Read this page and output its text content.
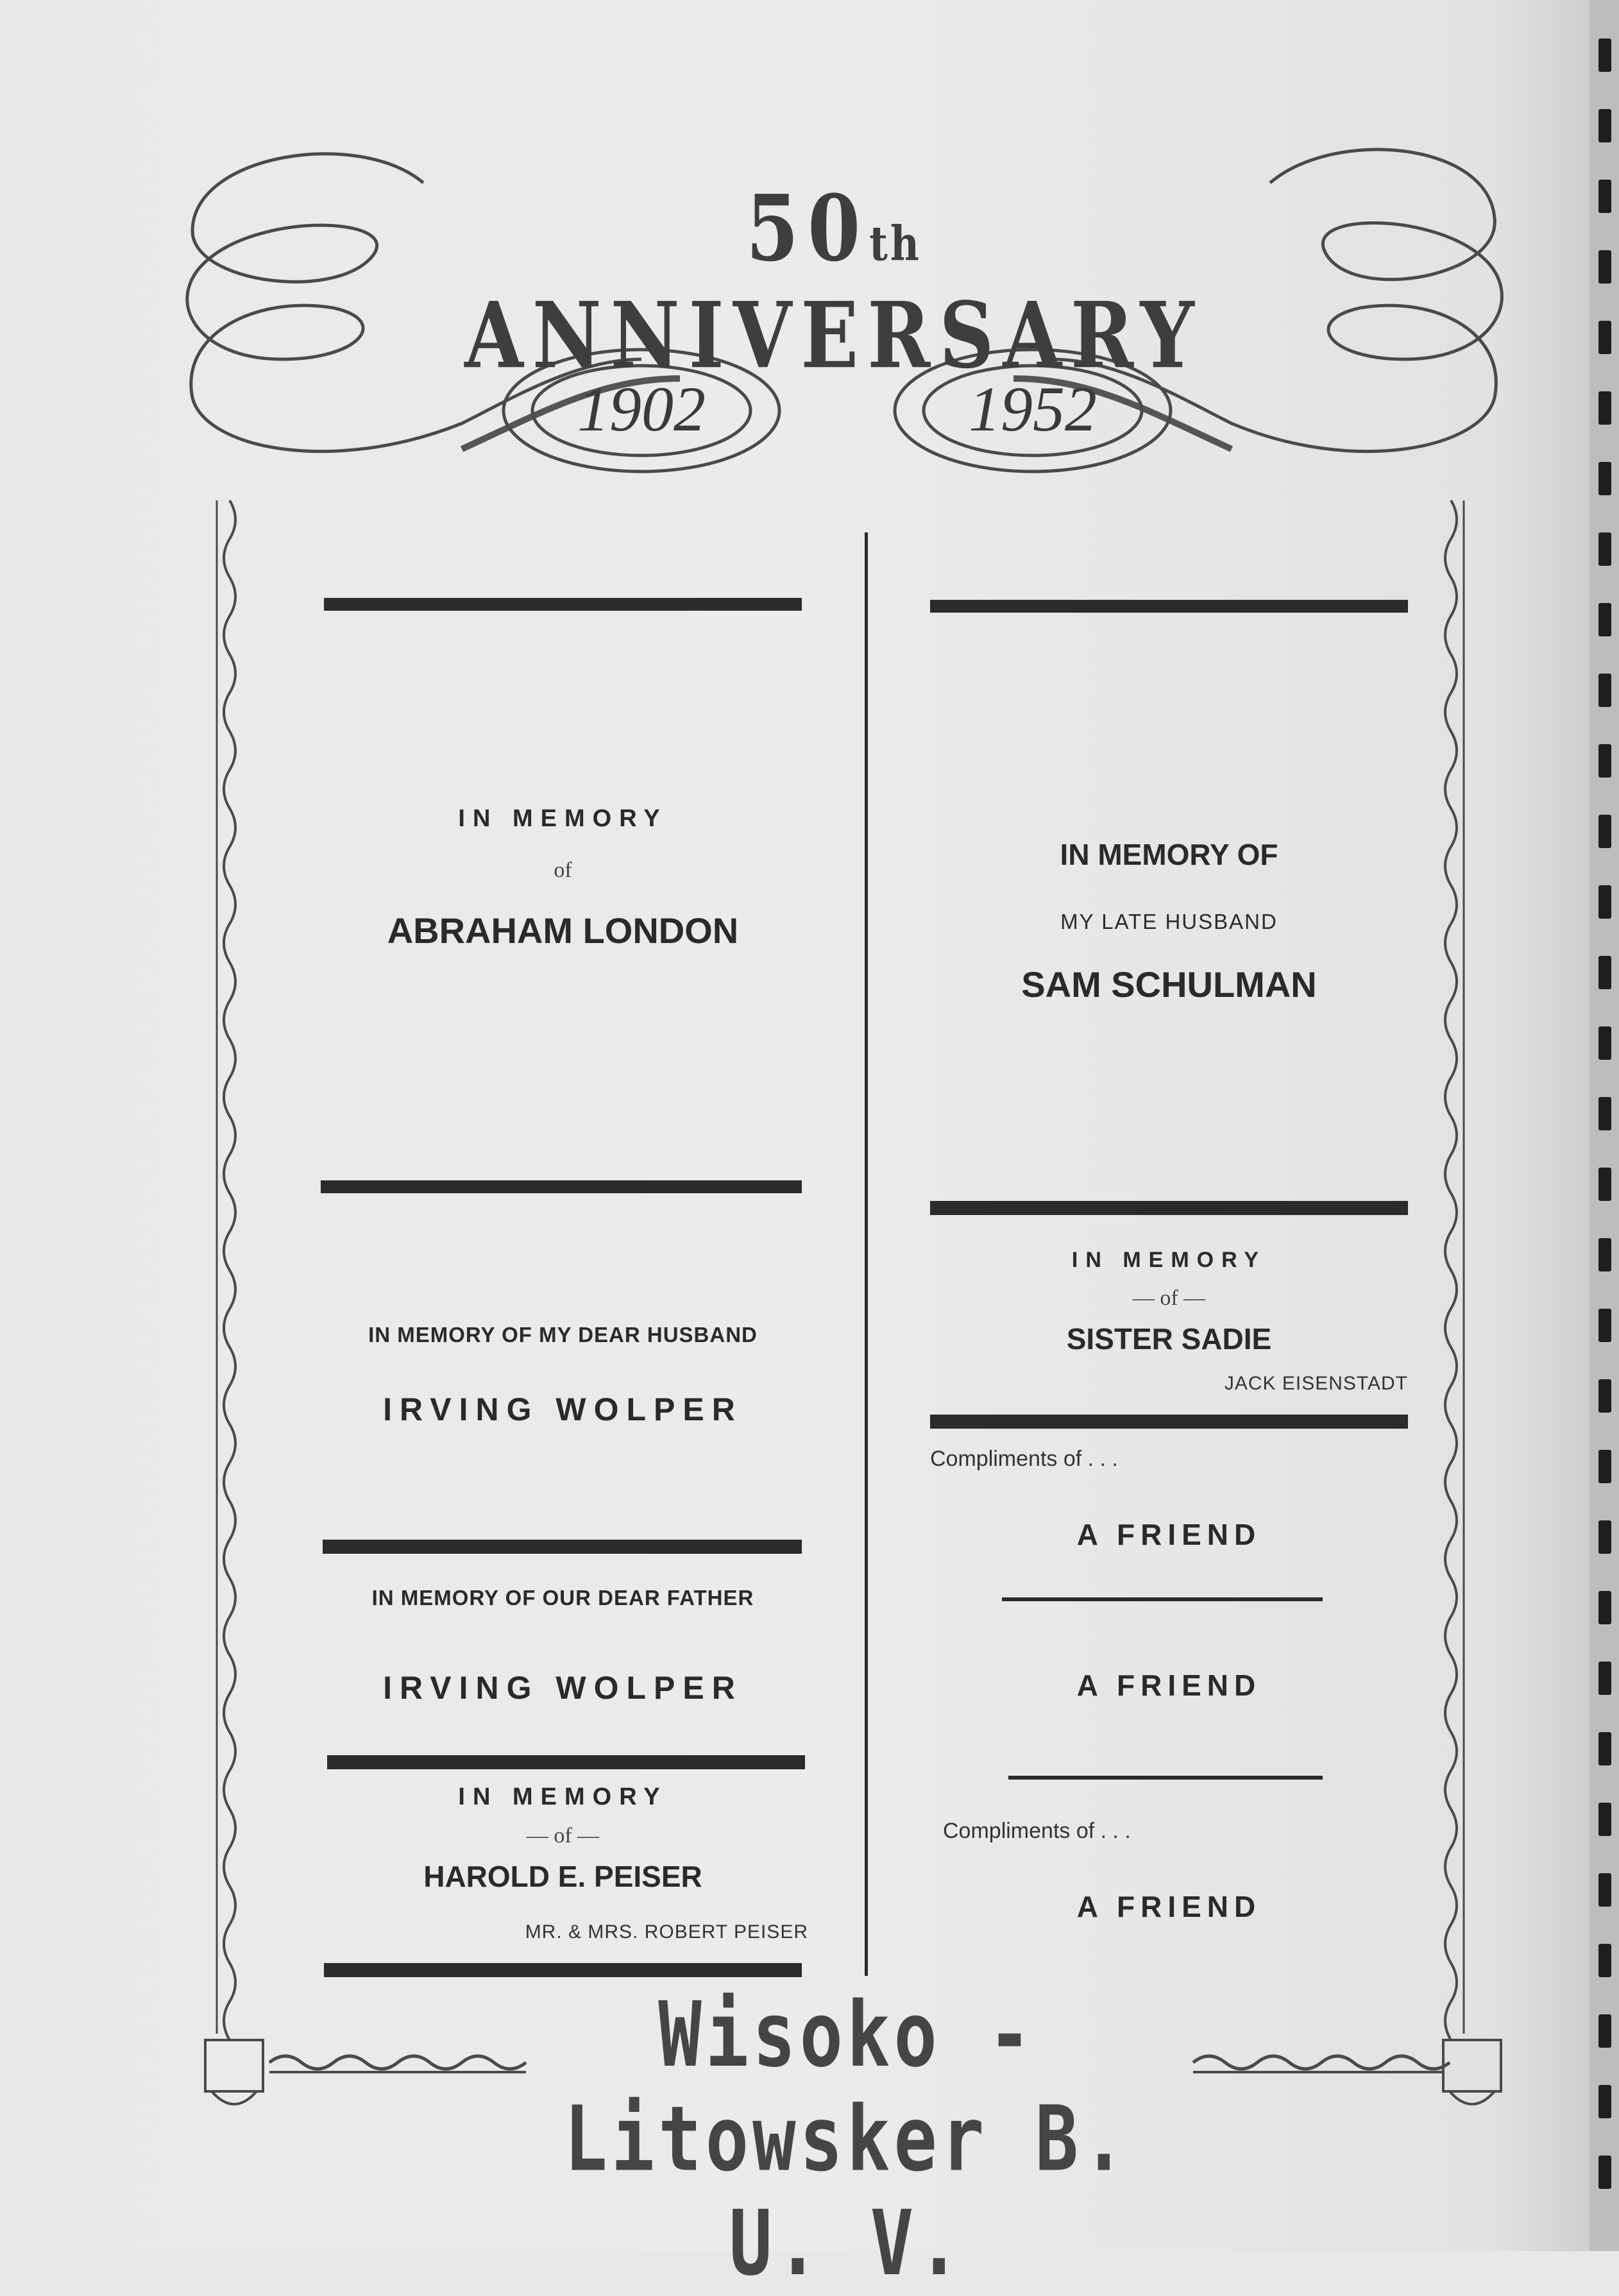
50th ANNIVERSARY
1902	1952
IN MEMORY
of
ABRAHAM LONDON
IN MEMORY OF MY DEAR HUSBAND
IRVING WOLPER
IN MEMORY OF OUR DEAR FATHER
IRVING WOLPER
IN MEMORY
— of —
HAROLD E. PEISER
MR. & MRS. ROBERT PEISER
IN MEMORY OF
MY LATE HUSBAND
SAM SCHULMAN
IN MEMORY
— of —
SISTER SADIE
JACK EISENSTADT
Compliments of . . .
A FRIEND
A FRIEND
Compliments of . . .
A FRIEND
Wisoko - Litowsker B. U. V.
